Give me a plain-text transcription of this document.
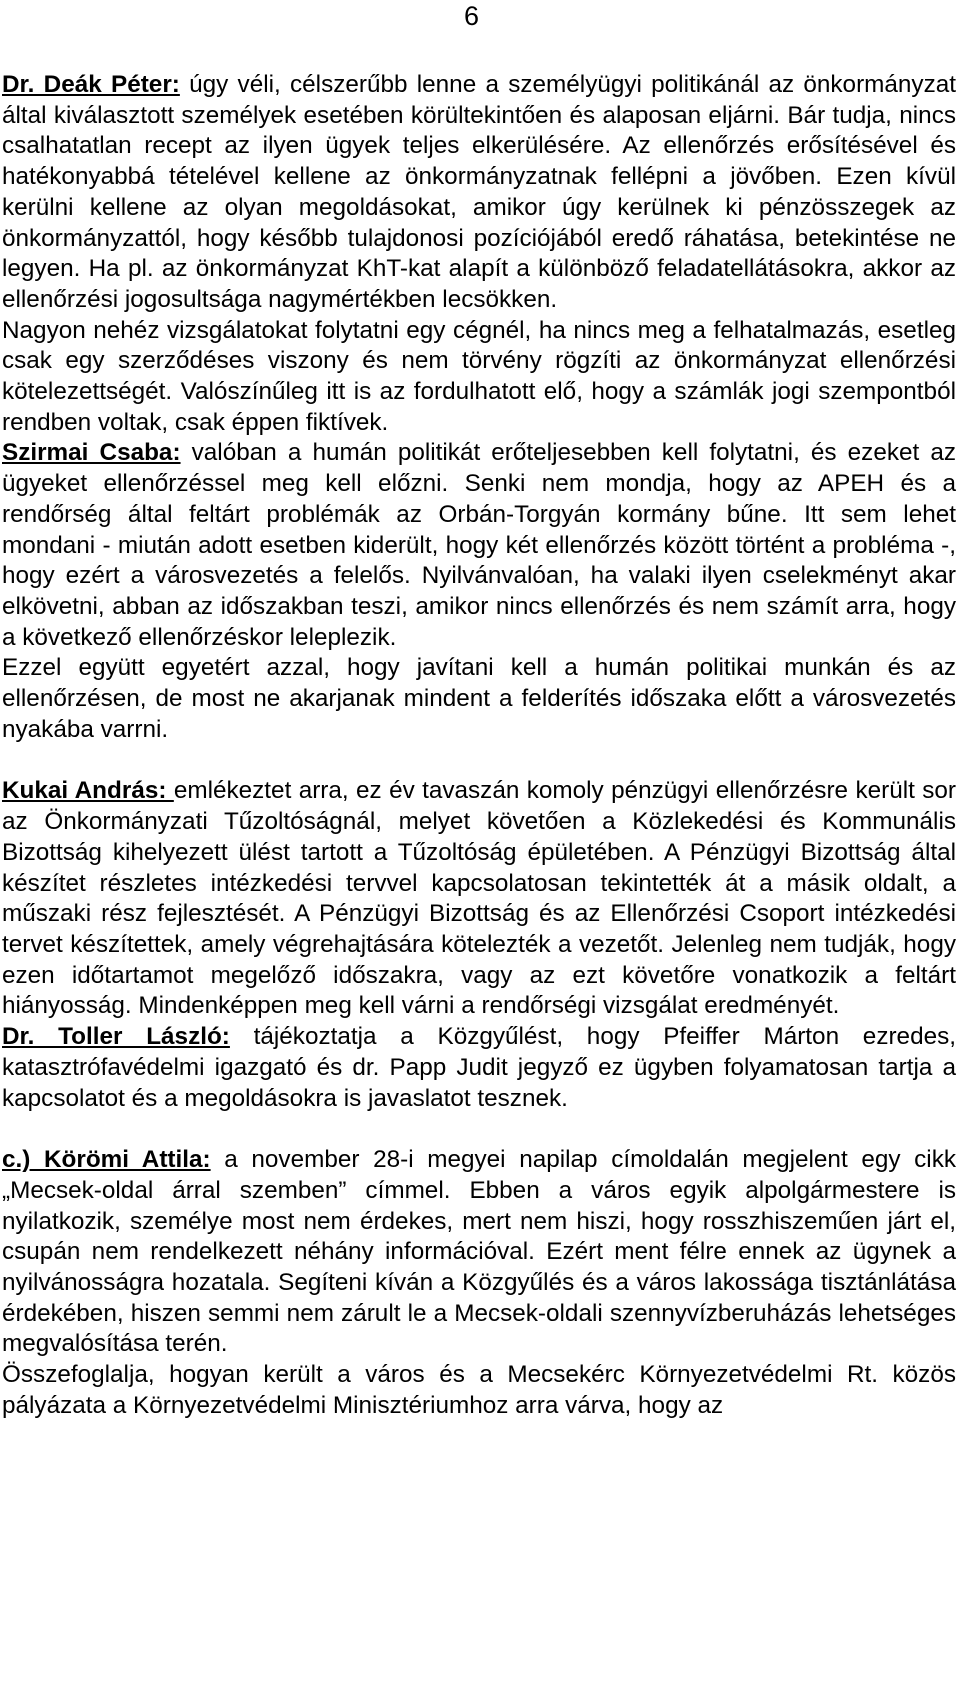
6

Dr. Deák Péter: úgy véli, célszerűbb lenne a személyügyi politikánál az önkormányzat által kiválasztott személyek esetében körültekintően és alaposan eljárni. Bár tudja, nincs csalhatatlan recept az ilyen ügyek teljes elkerülésére. Az ellenőrzés erősítésével és hatékonyabbá tételével kellene az önkormányzatnak fellépni a jövőben. Ezen kívül kerülni kellene az olyan megoldásokat, amikor úgy kerülnek ki pénzösszegek az önkormányzattól, hogy később tulajdonosi pozíciójából eredő ráhatása, betekintése ne legyen. Ha pl. az önkormányzat KhT-kat alapít a különböző feladatellátásokra, akkor az ellenőrzési jogosultsága nagymértékben lecsökken.

Nagyon nehéz vizsgálatokat folytatni egy cégnél, ha nincs meg a felhatalmazás, esetleg csak egy szerződéses viszony és nem törvény rögzíti az önkormányzat ellenőrzési kötelezettségét. Valószínűleg itt is az fordulhatott elő, hogy a számlák jogi szempontból rendben voltak, csak éppen fiktívek.

Szirmai Csaba: valóban a humán politikát erőteljesebben kell folytatni, és ezeket az ügyeket ellenőrzéssel meg kell előzni. Senki nem mondja, hogy az APEH és a rendőrség által feltárt problémák az Orbán-Torgyán kormány bűne. Itt sem lehet mondani - miután adott esetben kiderült, hogy két ellenőrzés között történt a probléma -, hogy ezért a városvezetés a felelős. Nyilvánvalóan, ha valaki ilyen cselekményt akar elkövetni, abban az időszakban teszi, amikor nincs ellenőrzés és nem számít arra, hogy a következő ellenőrzéskor leleplezik.

Ezzel együtt egyetért azzal, hogy javítani kell a humán politikai munkán és az ellenőrzésen, de most ne akarjanak mindent a felderítés időszaka előtt a városvezetés nyakába varrni.

Kukai András: emlékeztet arra, ez év tavaszán komoly pénzügyi ellenőrzésre került sor az Önkormányzati Tűzoltóságnál, melyet követően a Közlekedési és Kommunális Bizottság kihelyezett ülést tartott a Tűzoltóság épületében. A Pénzügyi Bizottság által készítet részletes intézkedési tervvel kapcsolatosan tekintették át a másik oldalt, a műszaki rész fejlesztését. A Pénzügyi Bizottság és az Ellenőrzési Csoport intézkedési tervet készítettek, amely végrehajtására kötelezték a vezetőt. Jelenleg nem tudják, hogy ezen időtartamot megelőző időszakra, vagy az ezt követőre vonatkozik a feltárt hiányosság. Mindenképpen meg kell várni a rendőrségi vizsgálat eredményét.

Dr. Toller László: tájékoztatja a Közgyűlést, hogy Pfeiffer Márton ezredes, katasztrófavédelmi igazgató és dr. Papp Judit jegyző ez ügyben folyamatosan tartja a kapcsolatot és a megoldásokra is javaslatot tesznek.

c.) Körömi Attila: a november 28-i megyei napilap címoldalán megjelent egy cikk „Mecsek-oldal árral szemben” címmel. Ebben a város egyik alpolgármestere is nyilatkozik, személye most nem érdekes, mert nem hiszi, hogy rosszhiszeműen járt el, csupán nem rendelkezett néhány információval. Ezért ment félre ennek az ügynek a nyilvánosságra hozatala. Segíteni kíván a Közgyűlés és a város lakossága tisztánlátása érdekében, hiszen semmi nem zárult le a Mecsek-oldali szennyvízberuházás lehetséges megvalósítása terén.

Összefoglalja, hogyan került a város és a Mecsekérc Környezetvédelmi Rt. közös pályázata a Környezetvédelmi Minisztériumhoz arra várva, hogy az
